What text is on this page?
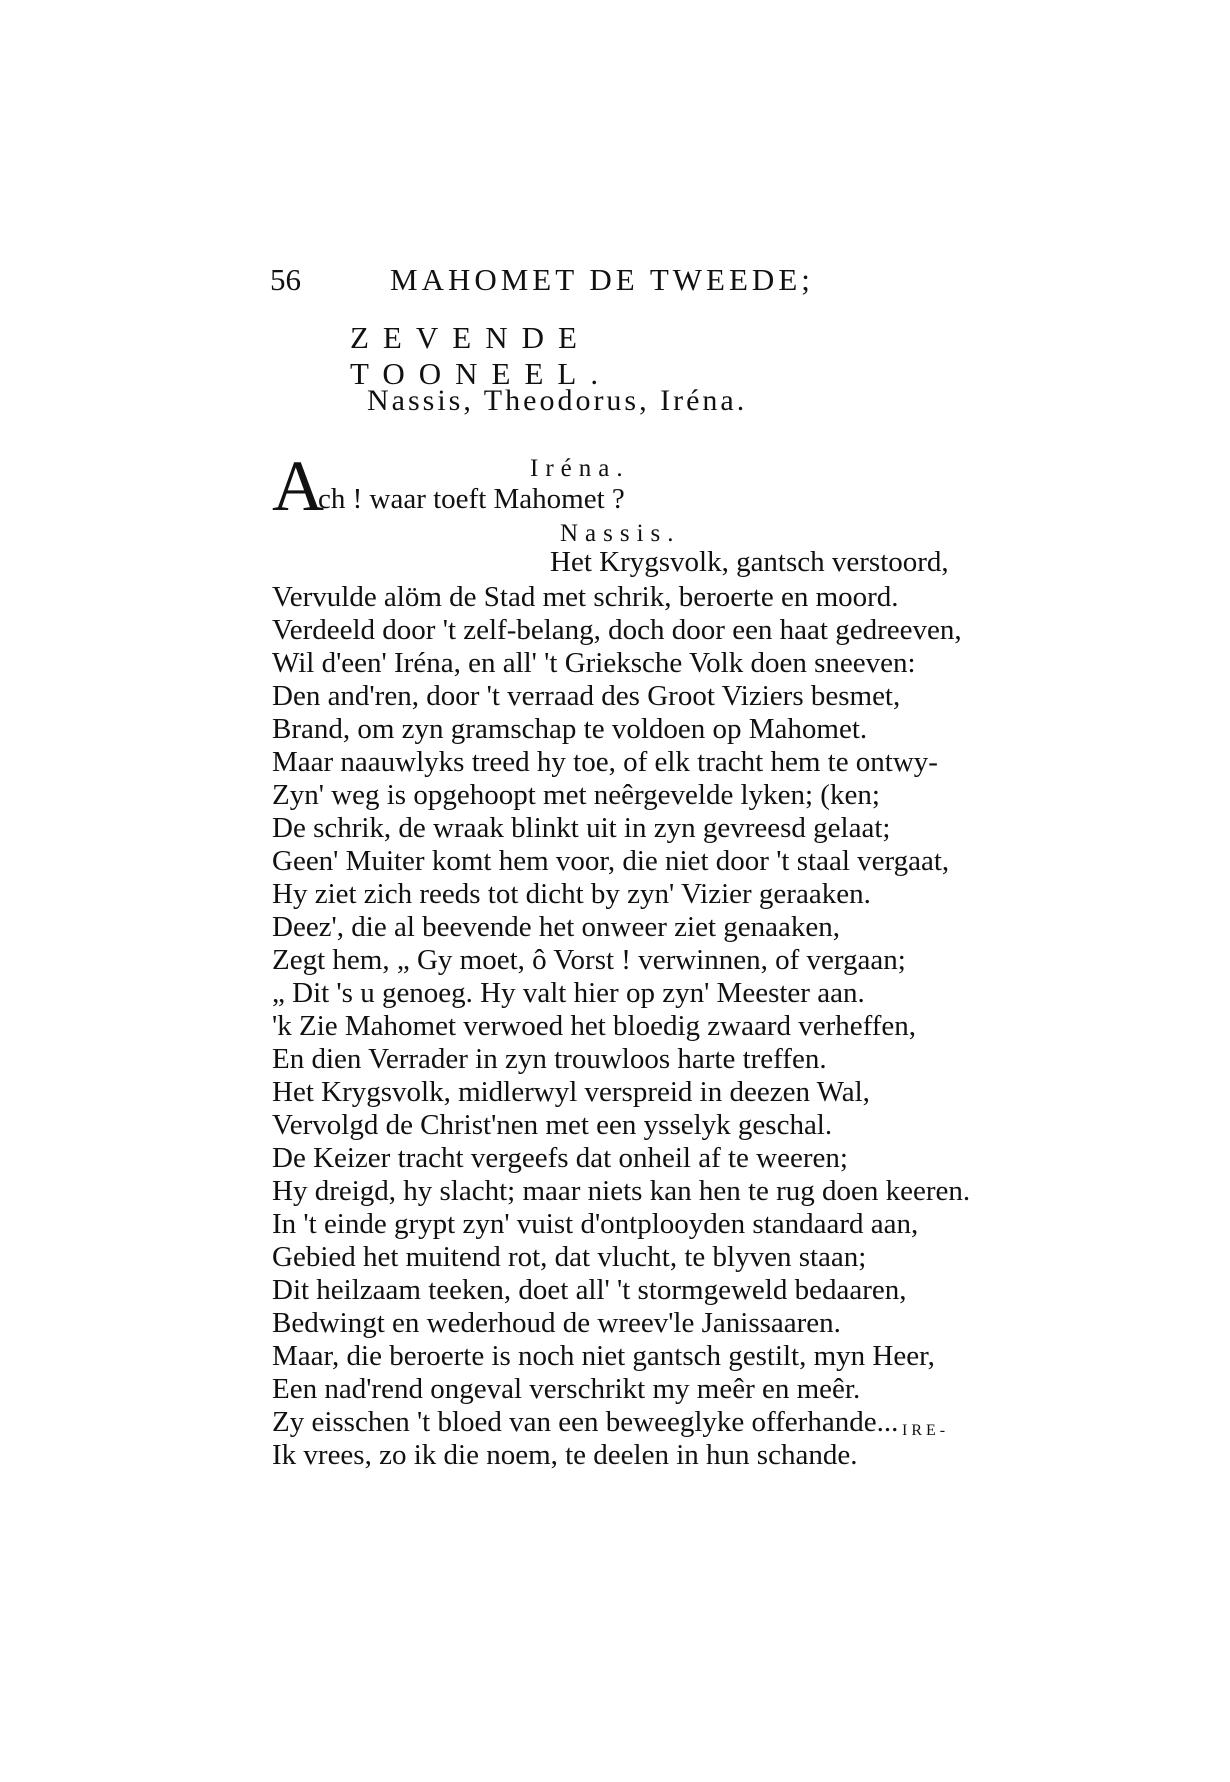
56	MAHOMET DE TWEEDE;
ZEVENDE TOONEEL.
Nassis, Theodorus, Iréna.
Iréna.
A
ch ! waar toeft Mahomet ?
Nassis.
Het Krygsvolk, gantsch verstoord,
Vervulde alöm de Stad met schrik, beroerte en moord.
Verdeeld door 't zelf-belang, doch door een haat gedreeven,
Wil d'een' Iréna, en all' 't Grieksche Volk doen sneeven:
Den and'ren, door 't verraad des Groot Viziers besmet,
Brand, om zyn gramschap te voldoen op Mahomet.
Maar naauwlyks treed hy toe, of elk tracht hem te ontwy-
Zyn' weg is opgehoopt met neêrgevelde lyken; (ken;
De schrik, de wraak blinkt uit in zyn gevreesd gelaat;
Geen' Muiter komt hem voor, die niet door 't staal vergaat,
Hy ziet zich reeds tot dicht by zyn' Vizier geraaken.
Deez', die al beevende het onweer ziet genaaken,
Zegt hem, „ Gy moet, ô Vorst ! verwinnen, of vergaan;
„ Dit 's u genoeg. Hy valt hier op zyn' Meester aan.
'k Zie Mahomet verwoed het bloedig zwaard verheffen,
En dien Verrader in zyn trouwloos harte treffen.
Het Krygsvolk, midlerwyl verspreid in deezen Wal,
Vervolgd de Christ'nen met een ysselyk geschal.
De Keizer tracht vergeefs dat onheil af te weeren;
Hy dreigd, hy slacht; maar niets kan hen te rug doen keeren.
In 't einde grypt zyn' vuist d'ontplooyden standaard aan,
Gebied het muitend rot, dat vlucht, te blyven staan;
Dit heilzaam teeken, doet all' 't stormgeweld bedaaren,
Bedwingt en wederhoud de wreev'le Janissaaren.
Maar, die beroerte is noch niet gantsch gestilt, myn Heer,
Een nad'rend ongeval verschrikt my meêr en meêr.
Zy eisschen 't bloed van een beweeglyke offerhande...
Ik vrees, zo ik die noem, te deelen in hun schande.
IRE-
